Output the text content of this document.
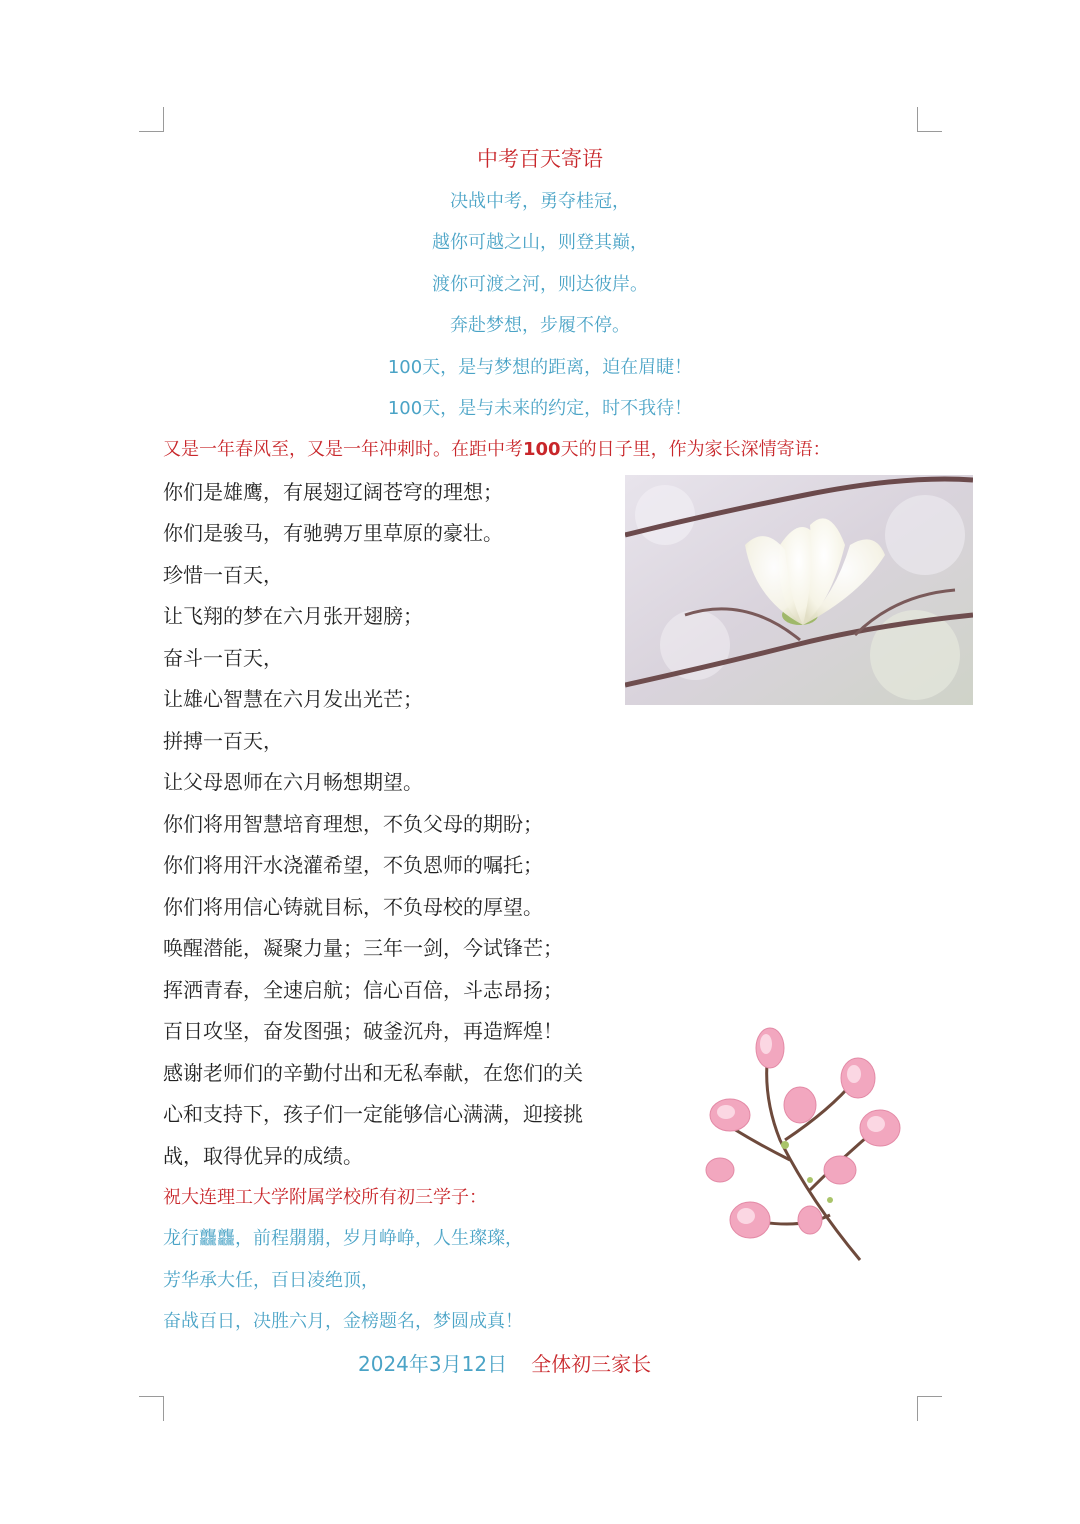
中考百天寄语
决战中考，勇夺桂冠，
越你可越之山，则登其巅，
渡你可渡之河，则达彼岸。
奔赴梦想，步履不停。
100天，是与梦想的距离，迫在眉睫！
100天，是与未来的约定，时不我待！
又是一年春风至，又是一年冲刺时。在距中考100天的日子里，作为家长深情寄语：
你们是雄鹰，有展翅辽阔苍穹的理想；
你们是骏马，有驰骋万里草原的豪壮。
珍惜一百天，
让飞翔的梦在六月张开翅膀；
奋斗一百天，
让雄心智慧在六月发出光芒；
拼搏一百天，
让父母恩师在六月畅想期望。
你们将用智慧培育理想，不负父母的期盼；
你们将用汗水浇灌希望，不负恩师的嘱托；
你们将用信心铸就目标，不负母校的厚望。
唤醒潜能，凝聚力量；三年一剑，今试锋芒；
挥洒青春，全速启航；信心百倍，斗志昂扬；
百日攻坚，奋发图强；破釜沉舟，再造辉煌！
感谢老师们的辛勤付出和无私奉献，在您们的关
心和支持下，孩子们一定能够信心满满，迎接挑
战，取得优异的成绩。
祝大连理工大学附属学校所有初三学子：
龙行龘龘，前程朤朤，岁月峥峥，人生璨璨，
芳华承大任，百日凌绝顶，
奋战百日，决胜六月，金榜题名，梦圆成真！
2024年3月12日 全体初三家长
